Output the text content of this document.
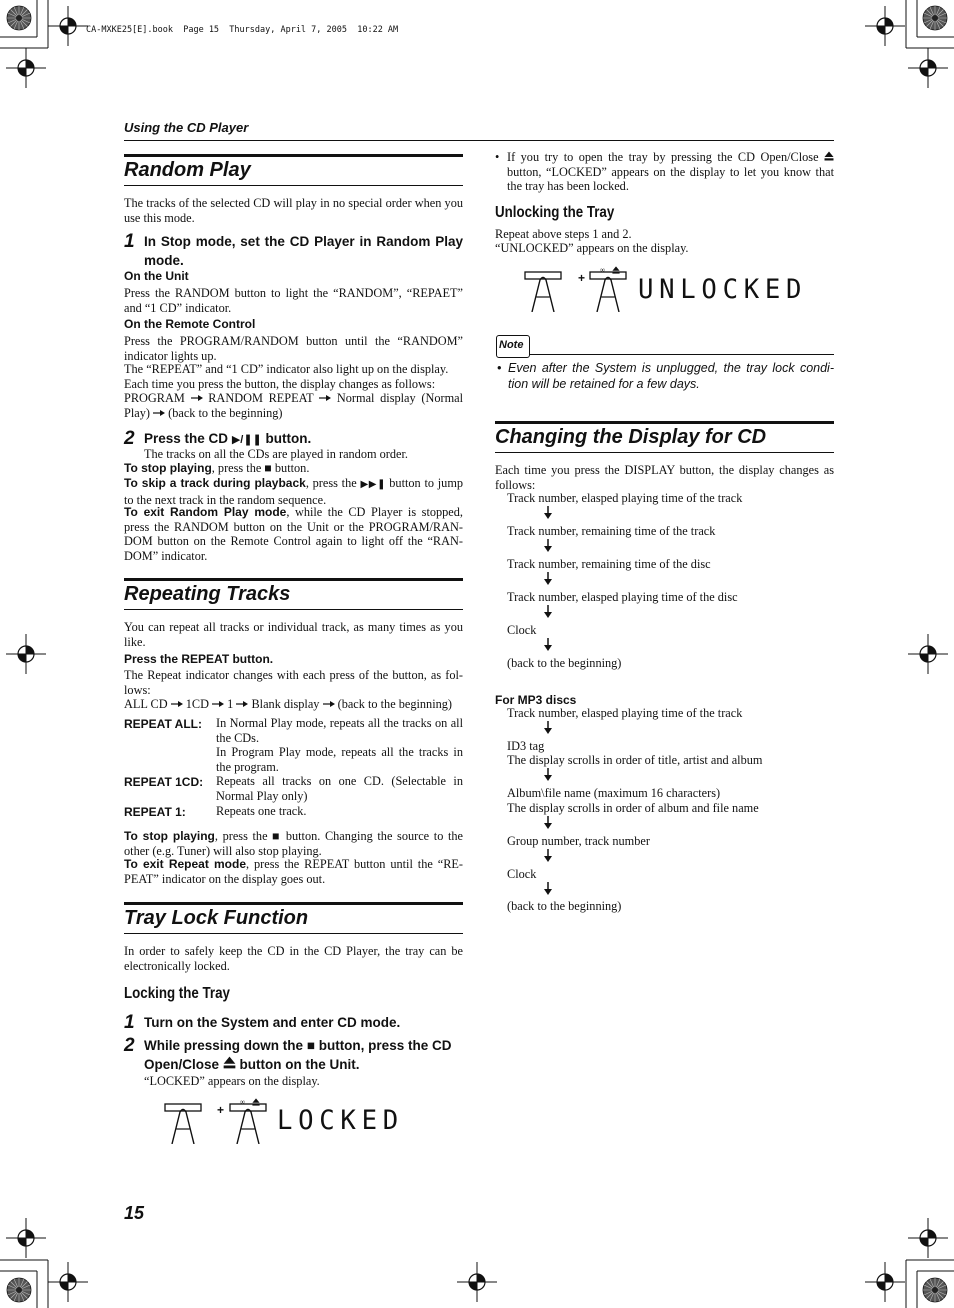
CA-MXKE25[E].book  Page 15  Thursday, April 7, 2005  10:22 AM
Using the CD Player
Random Play
The tracks of the selected CD will play in no special order when you use this mode.
1 In Stop mode, set the CD Player in Random Play mode.
On the Unit
Press the RANDOM button to light the “RANDOM”, “REPAET” and “1 CD” indicator.
On the Remote Control
Press the PROGRAM/RANDOM button until the “RANDOM” indicator lights up.
The “REPEAT” and “1 CD” indicator also light up on the display.
Each time you press the button, the display changes as follows:
PROGRAM RANDOM REPEAT Normal display (Normal Play) (back to the beginning)
2 Press the CD ▶/❚❚ button.
The tracks on all the CDs are played in random order.
To stop playing, press the ■ button.
To skip a track during playback, press the ▶▶❚ button to jump to the next track in the random sequence.
To exit Random Play mode, while the CD Player is stopped, press the RANDOM button on the Unit or the PROGRAM/RAN-DOM button on the Remote Control again to light off the “RAN-DOM” indicator.
Repeating Tracks
You can repeat all tracks or individual track, as many times as you like.
Press the REPEAT button.
The Repeat indicator changes with each press of the button, as fol-lows:
ALL CD 1CD 1 Blank display (back to the beginning)
REPEAT ALL: In Normal Play mode, repeats all the tracks on all the CDs.
In Program Play mode, repeats all the tracks in the program.
REPEAT 1CD: Repeats all tracks on one CD. (Selectable in Normal Play only)
REPEAT 1: Repeats one track.
To stop playing, press the ■ button. Changing the source to the other (e.g. Tuner) will also stop playing.
To exit Repeat mode, press the REPEAT button until the “RE-PEAT” indicator on the display goes out.
Tray Lock Function
In order to safely keep the CD in the CD Player, the tray can be electronically locked.
Locking the Tray
1 Turn on the System and enter CD mode.
2 While pressing down the ■ button, press the CD Open/Close button on the Unit.
“LOCKED” appears on the display.
+
∞
LOCKED
15
• If you try to open the tray by pressing the CD Open/Close  button, “LOCKED” appears on the display to let you know that the tray has been locked.
Unlocking the Tray
Repeat above steps 1 and 2.
“UNLOCKED” appears on the display.
+
∞
UNLOCKED
Note
• Even after the System is unplugged, the tray lock condi-tion will be retained for a few days.
Changing the Display for CD
Each time you press the DISPLAY button, the display changes as follows:
Track number, elasped playing time of the track
Track number, remaining time of the track
Track number, remaining time of the disc
Track number, elasped playing time of the disc
Clock
(back to the beginning)
For MP3 discs
Track number, elasped playing time of the track
ID3 tag
The display scrolls in order of title, artist and album
Album\file name (maximum 16 characters)
The display scrolls in order of album and file name
Group number, track number
Clock
(back to the beginning)
